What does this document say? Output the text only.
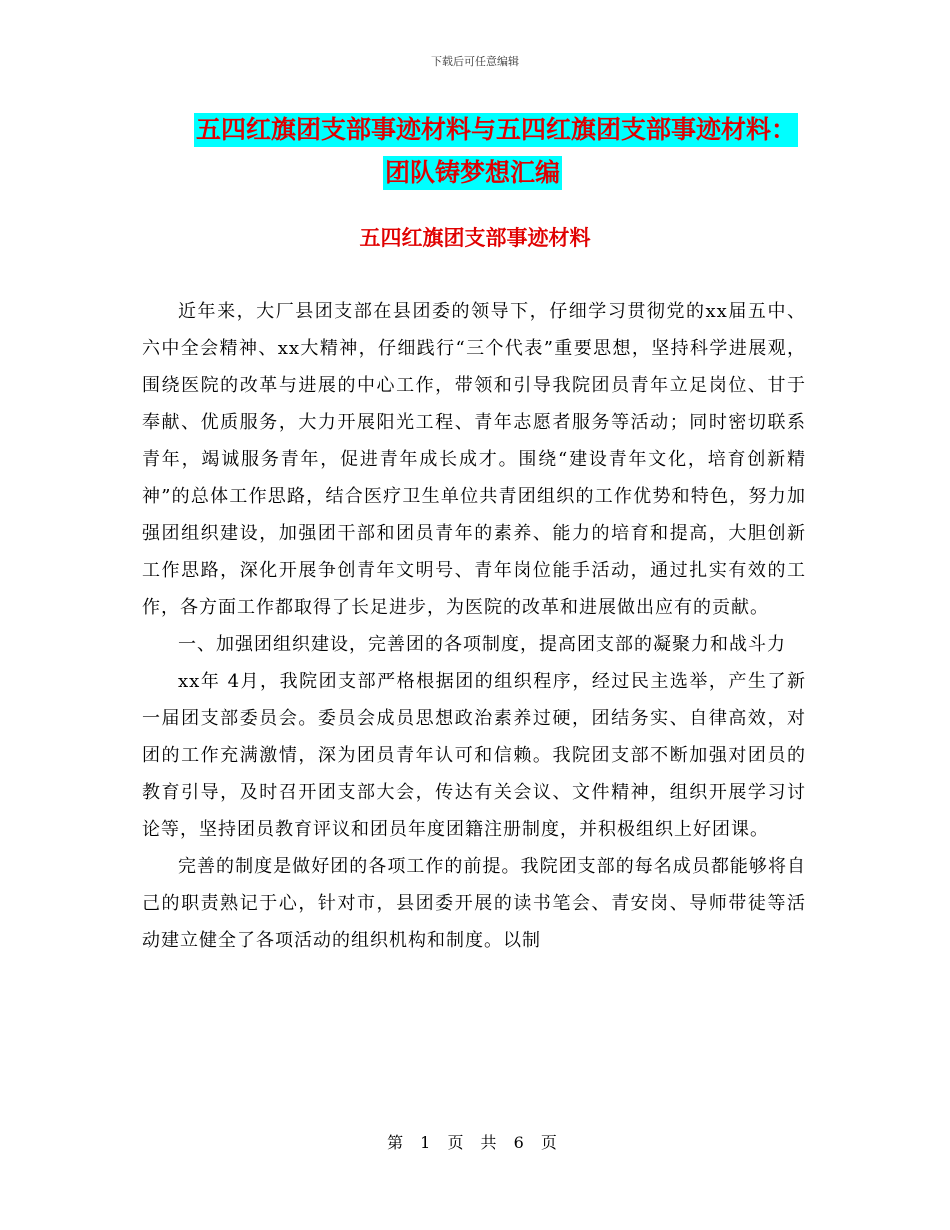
下载后可任意编辑
五四红旗团支部事迹材料与五四红旗团支部事迹材料：
团队铸梦想汇编
五四红旗团支部事迹材料

近年来，大厂县团支部在县团委的领导下，仔细学习贯彻党的xx届五中、六中全会精神、xx大精神，仔细践行“三个代表”重要思想，坚持科学进展观，围绕医院的改革与进展的中心工作，带领和引导我院团员青年立足岗位、甘于奉献、优质服务，大力开展阳光工程、青年志愿者服务等活动；同时密切联系青年，竭诚服务青年，促进青年成长成才。围绕“建设青年文化，培育创新精神”的总体工作思路，结合医疗卫生单位共青团组织的工作优势和特色，努力加强团组织建设，加强团干部和团员青年的素养、能力的培育和提高，大胆创新工作思路，深化开展争创青年文明号、青年岗位能手活动，通过扎实有效的工作，各方面工作都取得了长足进步，为医院的改革和进展做出应有的贡献。

一、加强团组织建设，完善团的各项制度，提高团支部的凝聚力和战斗力

xx年 4月，我院团支部严格根据团的组织程序，经过民主选举，产生了新一届团支部委员会。委员会成员思想政治素养过硬，团结务实、自律高效，对团的工作充满激情，深为团员青年认可和信赖。我院团支部不断加强对团员的教育引导，及时召开团支部大会，传达有关会议、文件精神，组织开展学习讨论等，坚持团员教育评议和团员年度团籍注册制度，并积极组织上好团课。

完善的制度是做好团的各项工作的前提。我院团支部的每名成员都能够将自己的职责熟记于心，针对市，县团委开展的读书笔会、青安岗、导师带徒等活动建立健全了各项活动的组织机构和制度。以制

第 1 页 共 6 页
